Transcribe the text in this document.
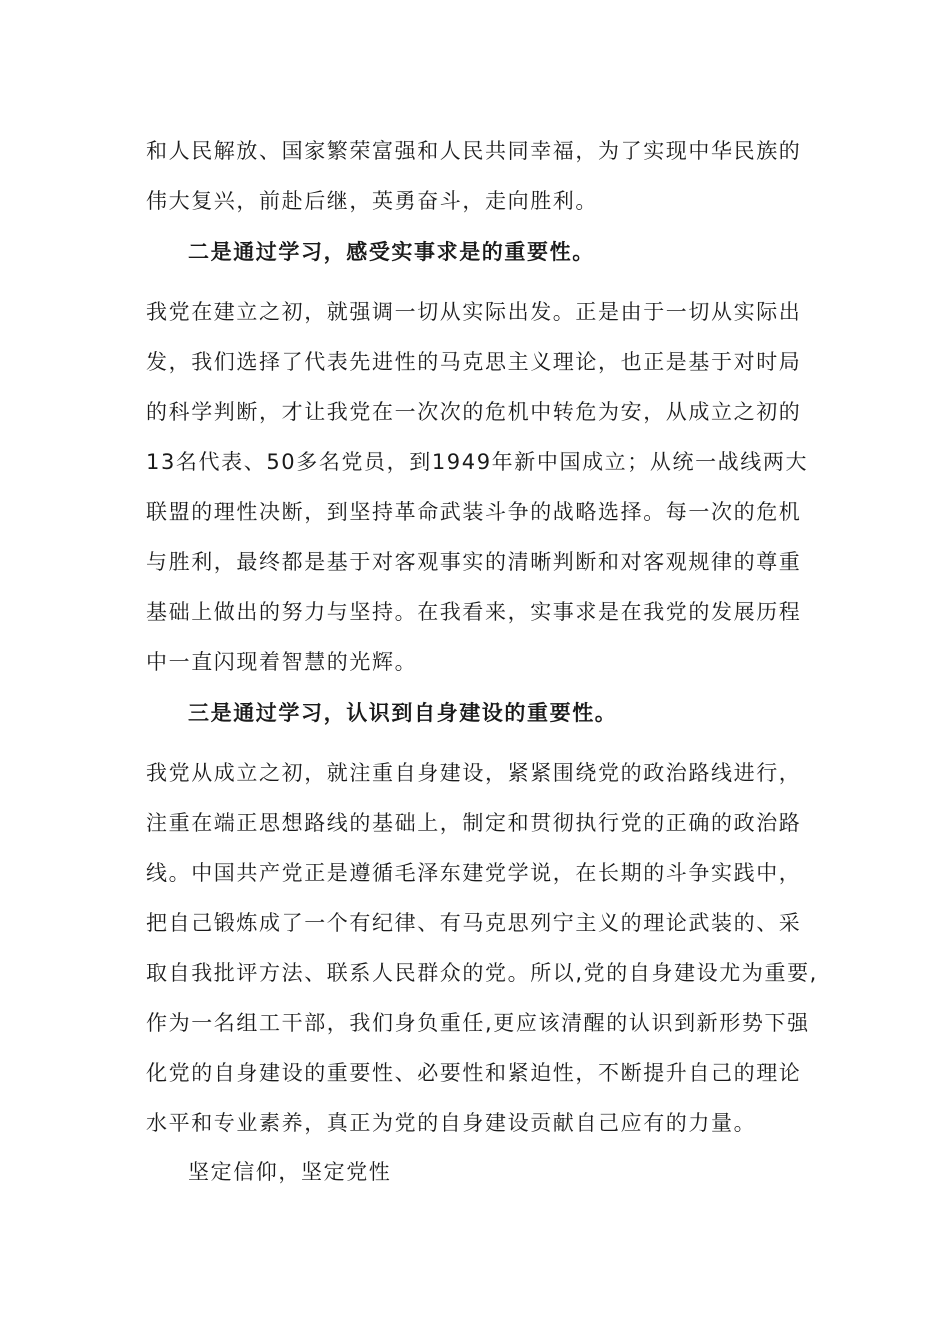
和人民解放、国家繁荣富强和人民共同幸福，为了实现中华民族的
伟大复兴，前赴后继，英勇奋斗，走向胜利。
二是通过学习，感受实事求是的重要性。
我党在建立之初，就强调一切从实际出发。正是由于一切从实际出
发，我们选择了代表先进性的马克思主义理论，也正是基于对时局
的科学判断，才让我党在一次次的危机中转危为安，从成立之初的
13名代表、50多名党员，到1949年新中国成立；从统一战线两大
联盟的理性决断，到坚持革命武装斗争的战略选择。每一次的危机
与胜利，最终都是基于对客观事实的清晰判断和对客观规律的尊重
基础上做出的努力与坚持。在我看来，实事求是在我党的发展历程
中一直闪现着智慧的光辉。
三是通过学习，认识到自身建设的重要性。
我党从成立之初，就注重自身建设，紧紧围绕党的政治路线进行，
注重在端正思想路线的基础上，制定和贯彻执行党的正确的政治路
线。中国共产党正是遵循毛泽东建党学说，在长期的斗争实践中，
把自己锻炼成了一个有纪律、有马克思列宁主义的理论武装的、采
取自我批评方法、联系人民群众的党。所以,党的自身建设尤为重要,
作为一名组工干部，我们身负重任,更应该清醒的认识到新形势下强
化党的自身建设的重要性、必要性和紧迫性，不断提升自己的理论
水平和专业素养，真正为党的自身建设贡献自己应有的力量。
坚定信仰，坚定党性
